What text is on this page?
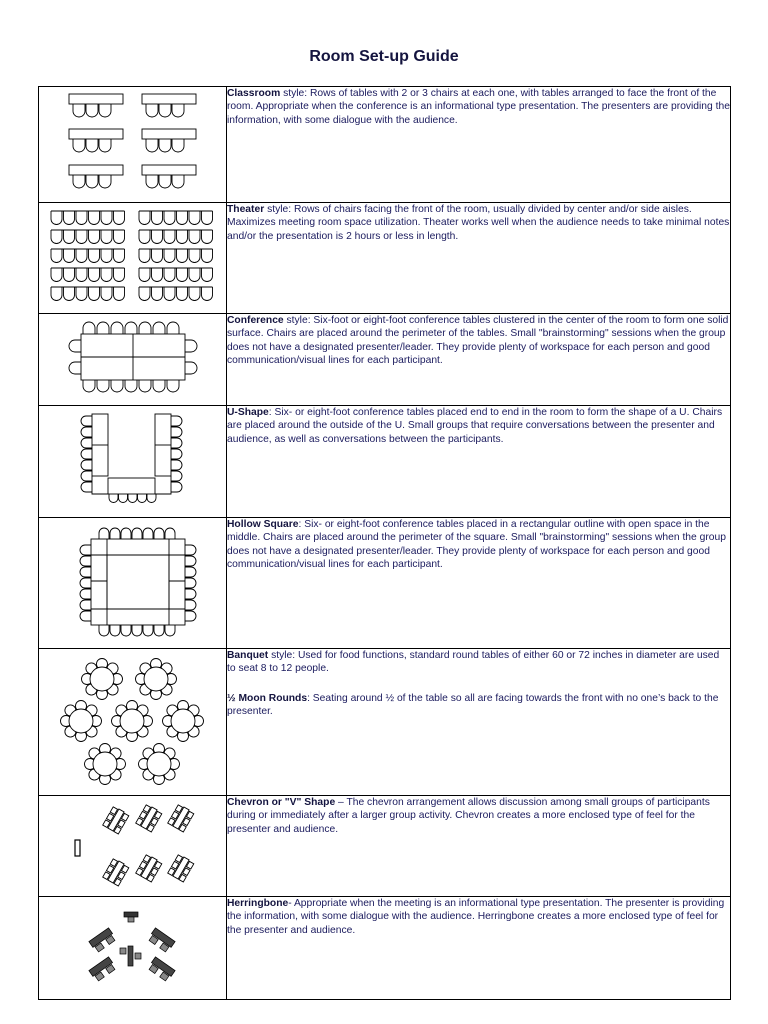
Room Set-up Guide

Classroom style: Rows of tables with 2 or 3 chairs at each one, with tables arranged to face the front of the room. Appropriate when the conference is an informational type presentation. The presenters are providing the information, with some dialogue with the audience.

Theater style: Rows of chairs facing the front of the room, usually divided by center and/or side aisles. Maximizes meeting room space utilization. Theater works well when the audience needs to take minimal notes and/or the presentation is 2 hours or less in length.

Conference style: Six-foot or eight-foot conference tables clustered in the center of the room to form one solid surface. Chairs are placed around the perimeter of the tables. Small "brainstorming" sessions when the group does not have a designated presenter/leader. They provide plenty of workspace for each person and good communication/visual lines for each participant.

U-Shape: Six- or eight-foot conference tables placed end to end in the room to form the shape of a U. Chairs are placed around the outside of the U. Small groups that require conversations between the presenter and audience, as well as conversations between the participants.

Hollow Square: Six- or eight-foot conference tables placed in a rectangular outline with open space in the middle. Chairs are placed around the perimeter of the square. Small "brainstorming" sessions when the group does not have a designated presenter/leader. They provide plenty of workspace for each person and good communication/visual lines for each participant.

Banquet style: Used for food functions, standard round tables of either 60 or 72 inches in diameter are used to seat 8 to 12 people.

½ Moon Rounds: Seating around ½ of the table so all are facing towards the front with no one’s back to the presenter.

Chevron or "V" Shape – The chevron arrangement allows discussion among small groups of participants during or immediately after a larger group activity. Chevron creates a more enclosed type of feel for the presenter and audience.

Herringbone- Appropriate when the meeting is an informational type presentation. The presenter is providing the information, with some dialogue with the audience. Herringbone creates a more enclosed type of feel for the presenter and audience.
